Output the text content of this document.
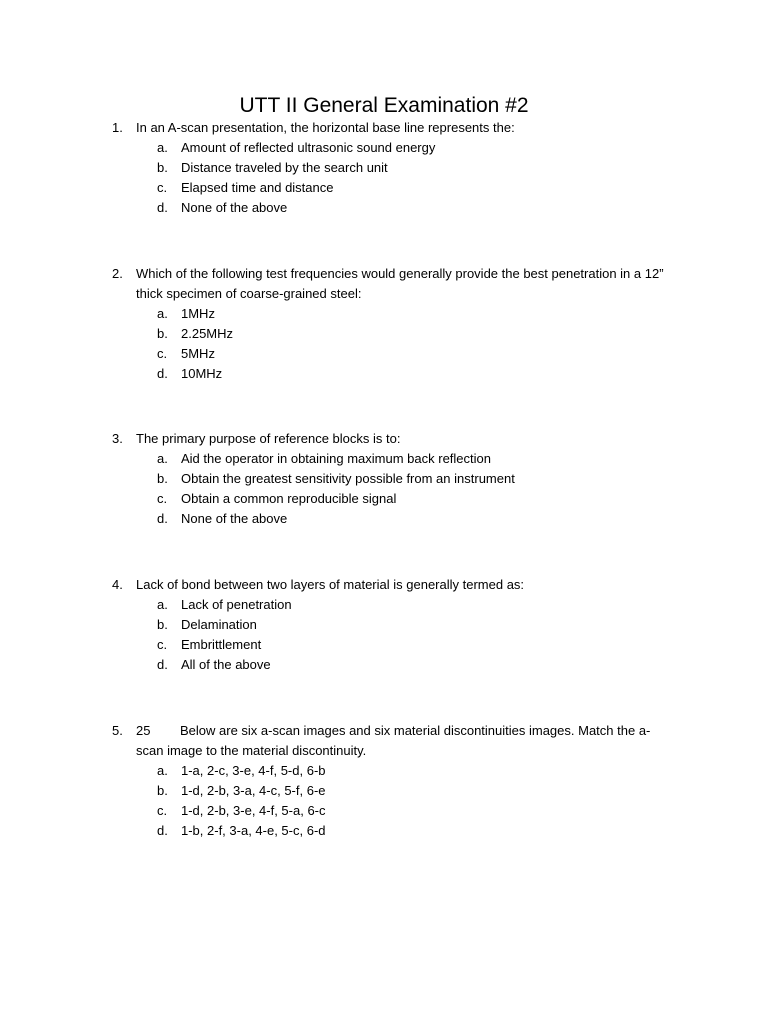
UTT II General Examination #2
1. In an A-scan presentation, the horizontal base line represents the:
a. Amount of reflected ultrasonic sound energy
b. Distance traveled by the search unit
c. Elapsed time and distance
d. None of the above
2. Which of the following test frequencies would generally provide the best penetration in a 12” thick specimen of coarse-grained steel:
a. 1MHz
b. 2.25MHz
c. 5MHz
d. 10MHz
3. The primary purpose of reference blocks is to:
a. Aid the operator in obtaining maximum back reflection
b. Obtain the greatest sensitivity possible from an instrument
c. Obtain a common reproducible signal
d. None of the above
4. Lack of bond between two layers of material is generally termed as:
a. Lack of penetration
b. Delamination
c. Embrittlement
d. All of the above
5. 25 Below are six a-scan images and six material discontinuities images. Match the a-scan image to the material discontinuity.
a. 1-a, 2-c, 3-e, 4-f, 5-d, 6-b
b. 1-d, 2-b, 3-a, 4-c, 5-f, 6-e
c. 1-d, 2-b, 3-e, 4-f, 5-a, 6-c
d. 1-b, 2-f, 3-a, 4-e, 5-c, 6-d
